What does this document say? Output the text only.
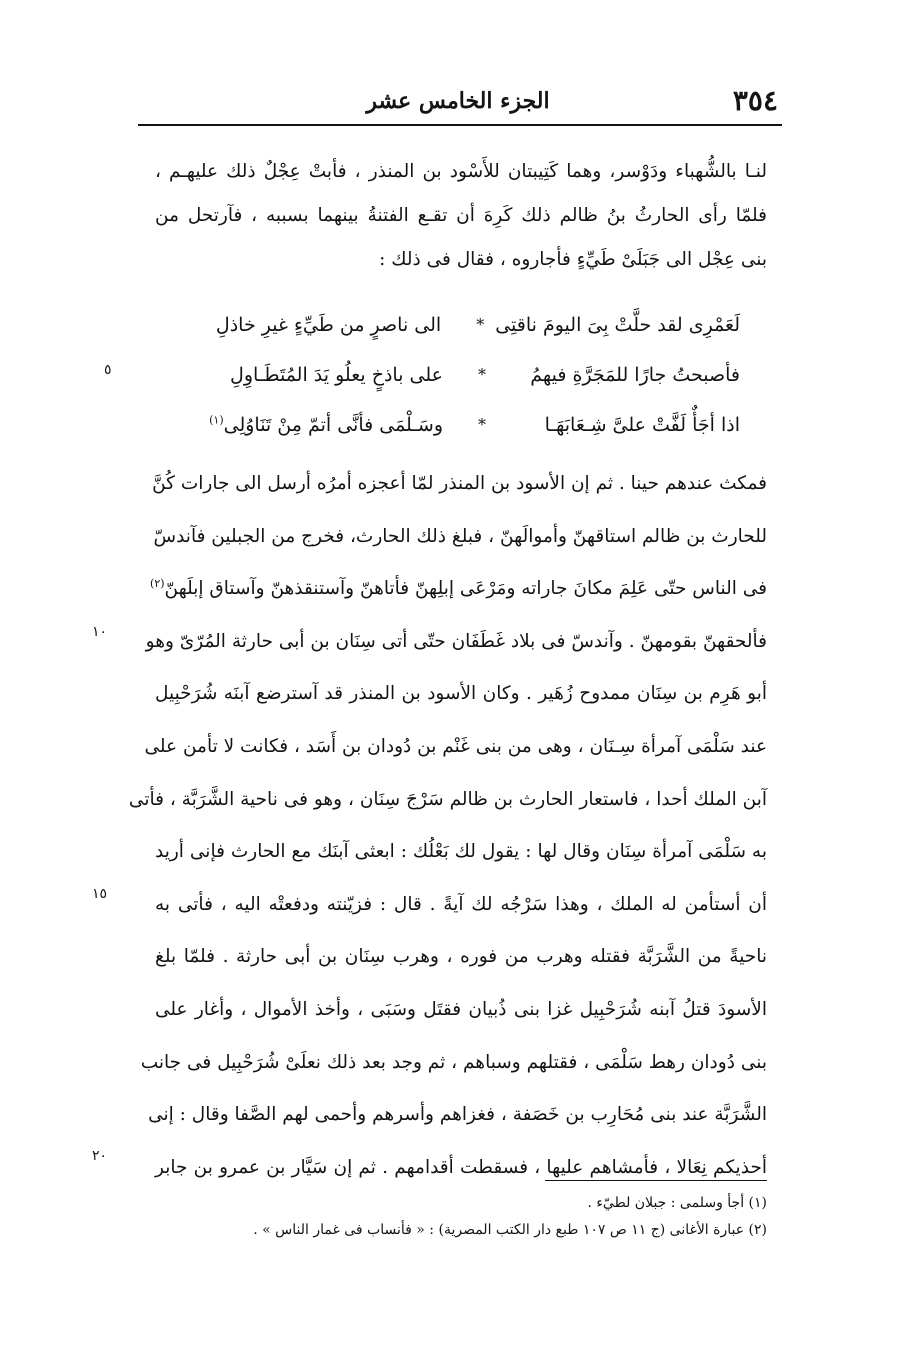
٣٥٤
الجزء الخامس عشر
لنـا بالشُّهباء ودَوْسر، وهما كَتِيبتان للأَسْود بن المنذر ، فأبتْ عِجْلٌ ذلك عليهـم ،
فلمّا رأى الحارثُ بنُ ظالم ذلك كَرِهَ أن تقـع الفتنةُ بينهما بسببه ، فآرتحل من
بنى عِجْل الى جَبَلَىْ طَيِّءٍ فأجاروه ، فقال فى ذلك :
لَعَمْرِى لقد حلَّتْ بِىَ اليومَ ناقتِى
*
الى ناصرٍ من طَيِّءٍ غيرِ خاذلِ
فأصبحتُ جارًا للمَجَرَّةِ فيهمُ
*
على باذخٍ يعلُو يَدَ المُتَطَـاوِلِ
اذا أجَأٌ لَفَّتْ علىَّ شِـعَابَهَـا
*
وسَـلْمَى فأنَّى أتمّ مِنْ تَنَاوُلِى$^{(١)}$
فمكث عندهم حينا . ثم إن الأسود بن المنذر لمّا أعجزه أمرُه أرسل الى جارات كُنَّ
للحارث بن ظالم استاقهنّ وأموالَهنّ ، فبلغ ذلك الحارث، فخرج من الجبلين فآندسّ
فى الناس حتّى عَلِمَ مكانَ جاراته ومَرْعَى إبلِهنّ فأتاهنّ وآستنقذهنّ وآستاق إبلَهنّ$^{(٢)}$
فألحقهنّ بقومهنّ . وآندسّ فى بلاد غَطَفَان حتّى أتى سِنَان بن أبى حارثة المُرّىّ وهو
أبو هَرِم بن سِنَان ممدوح زُهَير . وكان الأسود بن المنذر قد آسترضع آبنَه شُرَحْبِيل
عند سَلْمَى آمرأة سِـنَان ، وهى من بنى غَنْم بن دُودان بن أَسَد ، فكانت لا تأمن على
آبن الملك أحدا ، فاستعار الحارث بن ظالم سَرْجَ سِنَان ، وهو فى ناحية الشَّرَبَّة ، فأتى
به سَلْمَى آمرأة سِنَان وقال لها : يقول لك بَعْلُك : ابعثى آبنَك مع الحارث فإنى أريد
أن أستأمن له الملك ، وهذا سَرْجُه لك آيةً . قال : فزيّنته ودفعتْه اليه ، فأتى به
ناحيةً من الشَّرَبَّة فقتله وهرب من فوره ، وهرب سِنَان بن أبى حارثة . فلمّا بلغ
الأسودَ قتلُ آبنه شُرَحْبِيل غزا بنى ذُبيان فقتَل وسَبَى ، وأخذ الأموال ، وأغار على
بنى دُودان رهط سَلْمَى ، فقتلهم وسباهم ، ثم وجد بعد ذلك نعلَىْ شُرَحْبِيل فى جانب
الشَّرَبَّة عند بنى مُحَارِب بن خَصَفة ، فغزاهم وأسرهم وأحمى لهم الصَّفا وقال : إنى
أحذيكم نِعَالا ، فأمشاهم عليها ، فسقطت أقدامهم . ثم إن سَيَّار بن عمرو بن جابر
٥
١٠
١٥
٢٠
(١) أجأ وسلمى : جبلان لطيّء .
(٢) عبارة الأغانى (ج ١١ ص ١٠٧ طبع دار الكتب المصرية) : « فأنساب فى غمار الناس » .
